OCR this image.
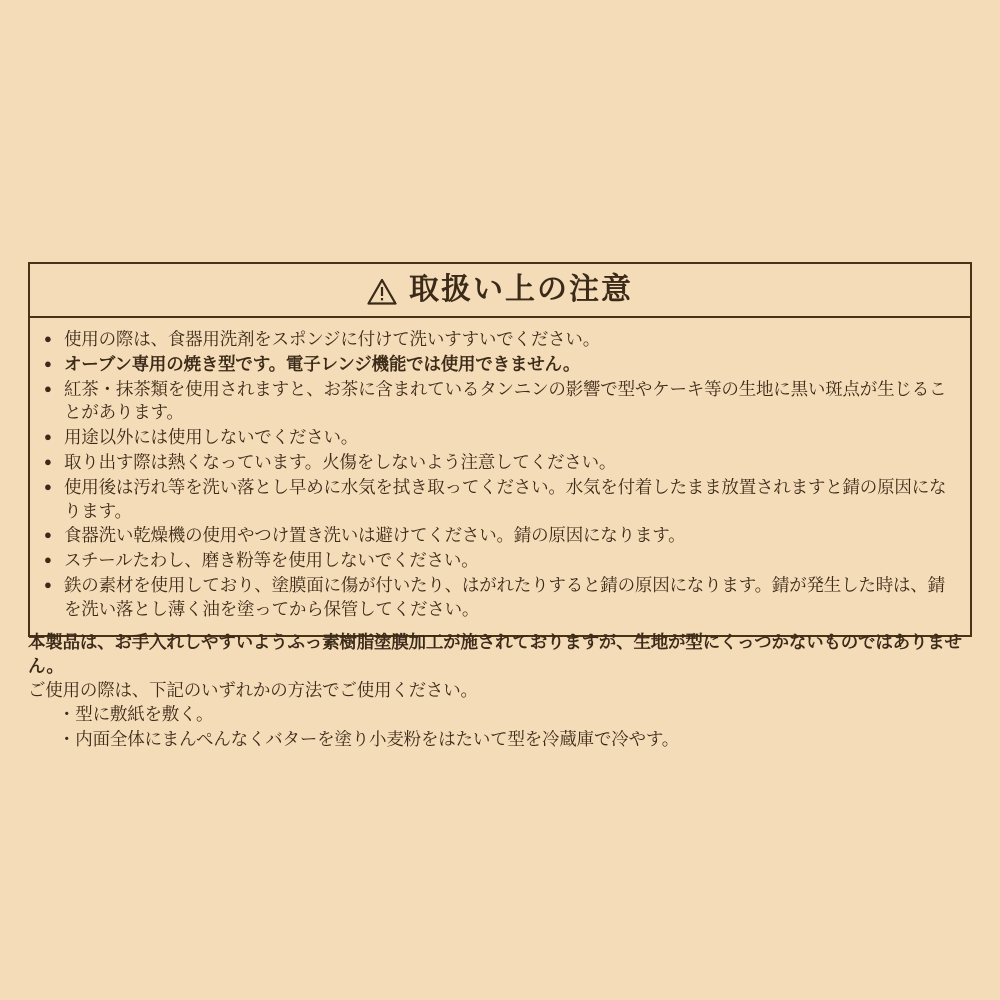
取扱い上の注意
● 使用の際は、食器用洗剤をスポンジに付けて洗いすすいでください。
● オーブン専用の焼き型です。電子レンジ機能では使用できません。
● 紅茶・抹茶類を使用されますと、お茶に含まれているタンニンの影響で型やケーキ等の生地に黒い斑点が生じることがあります。
● 用途以外には使用しないでください。
● 取り出す際は熱くなっています。火傷をしないよう注意してください。
● 使用後は汚れ等を洗い落とし早めに水気を拭き取ってください。水気を付着したまま放置されますと錆の原因になります。
● 食器洗い乾燥機の使用やつけ置き洗いは避けてください。錆の原因になります。
● スチールたわし、磨き粉等を使用しないでください。
● 鉄の素材を使用しており、塗膜面に傷が付いたり、はがれたりすると錆の原因になります。錆が発生した時は、錆を洗い落とし薄く油を塗ってから保管してください。
本製品は、お手入れしやすいようふっ素樹脂塗膜加工が施されておりますが、生地が型にくっつかないものではありません。
ご使用の際は、下記のいずれかの方法でご使用ください。
・型に敷紙を敷く。
・内面全体にまんぺんなくバターを塗り小麦粉をはたいて型を冷蔵庫で冷やす。
